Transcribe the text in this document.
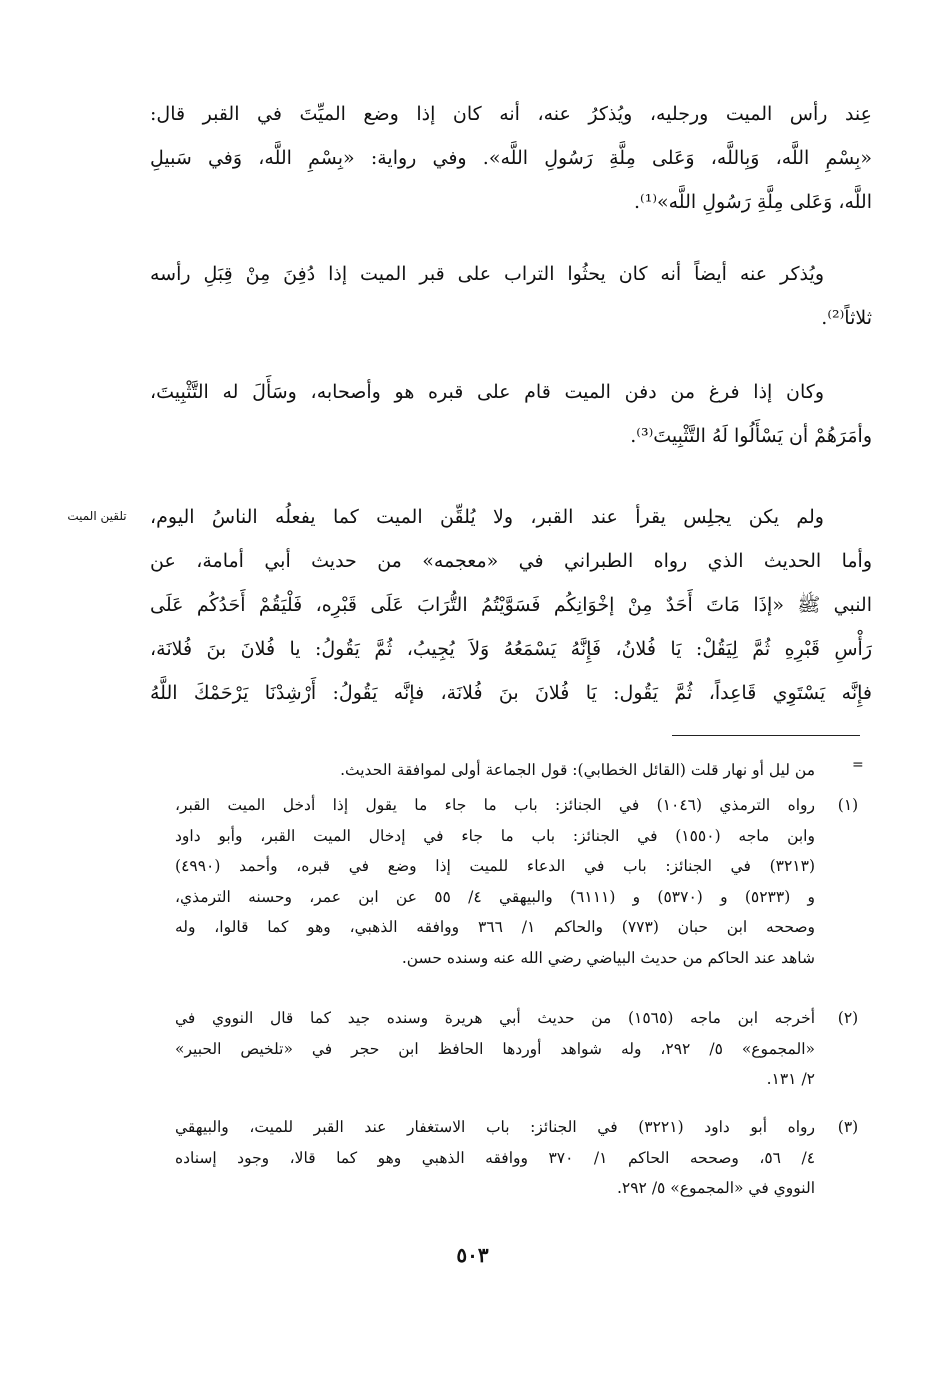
عِند رأس الميت ورجليه، ويُذكرُ عنه، أنه كان إذا وضع الميِّتَ في القبر قال:
«بِسْمِ اللَّه، وَبِاللَّه، وَعَلى مِلَّةِ رَسُولِ اللَّه». وفي رواية: «بِسْمِ اللَّه، وَفي سَبيلِ
اللَّه، وَعَلى مِلَّةِ رَسُولِ اللَّه»⁽¹⁾.
ويُذكر عنه أيضاً أنه كان يحثُوا التراب على قبر الميت إذا دُفِنَ مِنْ قِبَلِ رأسه
ثلاثاً⁽²⁾.
وكان إذا فرغ من دفن الميت قام على قبره هو وأصحابه، وسَأَلَ له التَّثْبِيتَ،
وأمَرَهُمْ أن يَسْأَلُوا لَهُ التَّثْبِيتَ⁽³⁾.
ولم يكن يجلِس يقرأ عند القبر، ولا يُلقِّن الميت كما يفعلُه الناسُ اليوم،
وأما الحديث الذي رواه الطبراني في «معجمه» من حديث أبي أمامة، عن
النبي ﷺ «إذَا مَاتَ أَحَدٌ مِنْ إخْوَانِكُم فَسَوَّيْتُمُ التُّرَابَ عَلَى قَبْرِه، فَلْيَقُمْ أَحَدُكُم عَلَى
رَأْسِ قَبْرِهِ ثُمَّ لِيَقُلْ: يَا فُلانُ، فَإِنَّهُ يَسْمَعُهُ وَلاَ يُجِيبُ، ثُمَّ يَقُولُ: يا فُلانَ بنَ فُلانَة،
فإِنَّه يَسْتَوِي قَاعِداً، ثُمَّ يَقُول: يَا فُلانَ بنَ فُلانَة، فإنَّه يَقُولُ: أَرْشِدْنَا يَرْحَمْكَ اللَّهُ
تلقين الميت
=
من ليل أو نهار قلت (القائل الخطابي): قول الجماعة أولى لموافقة الحديث.
(١)
رواه الترمذي (١٠٤٦) في الجنائز: باب ما جاء ما يقول إذا أدخل الميت القبر،
وابن ماجه (١٥٥٠) في الجنائز: باب ما جاء في إدخال الميت القبر، وأبو داود
(٣٢١٣) في الجنائز: باب في الدعاء للميت إذا وضع في قبره، وأحمد (٤٩٩٠)
و (٥٢٣٣) و (٥٣٧٠) و (٦١١١) والبيهقي ٤/ ٥٥ عن ابن عمر، وحسنه الترمذي،
وصححه ابن حبان (٧٧٣) والحاكم ١/ ٣٦٦ ووافقه الذهبي، وهو كما قالوا، وله
شاهد عند الحاكم من حديث البياضي رضي الله عنه وسنده حسن.
(٢)
أخرجه ابن ماجه (١٥٦٥) من حديث أبي هريرة وسنده جيد كما قال النووي في
«المجموع» ٥/ ٢٩٢، وله شواهد أوردها الحافظ ابن حجر في «تلخيص الحبير»
٢/ ١٣١.
(٣)
رواه أبو داود (٣٢٢١) في الجنائز: باب الاستغفار عند القبر للميت، والبيهقي
٤/ ٥٦، وصححه الحاكم ١/ ٣٧٠ ووافقه الذهبي وهو كما قالا، وجود إسناده
النووي في «المجموع» ٥/ ٢٩٢.
٥٠٣
